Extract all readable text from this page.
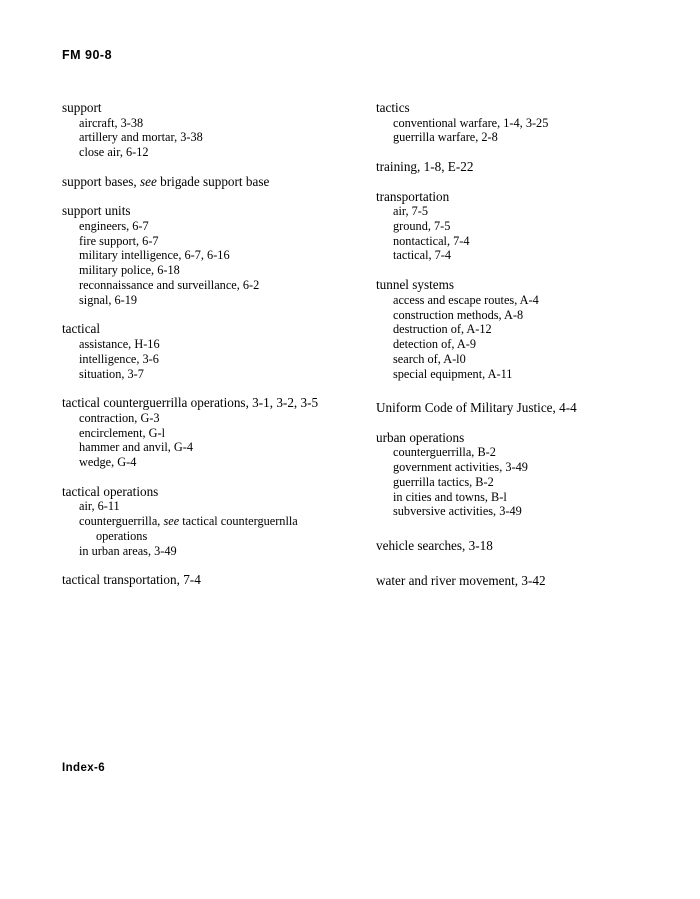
FM 90-8
support
aircraft, 3-38
artillery and mortar, 3-38
close air, 6-12
support bases, see brigade support base
support units
engineers, 6-7
fire support, 6-7
military intelligence, 6-7, 6-16
military police, 6-18
reconnaissance and surveillance, 6-2
signal, 6-19
tactical
assistance, H-16
intelligence, 3-6
situation, 3-7
tactical counterguerrilla operations, 3-1, 3-2, 3-5
contraction, G-3
encirclement, G-l
hammer and anvil, G-4
wedge, G-4
tactical operations
air, 6-11
counterguerrilla, see tactical counterguernlla
operations
in urban areas, 3-49
tactical transportation, 7-4
tactics
conventional warfare, 1-4, 3-25
guerrilla warfare, 2-8
training, 1-8, E-22
transportation
air, 7-5
ground, 7-5
nontactical, 7-4
tactical, 7-4
tunnel systems
access and escape routes, A-4
construction methods, A-8
destruction of, A-12
detection of, A-9
search of, A-l0
special equipment, A-11
Uniform Code of Military Justice, 4-4
urban operations
counterguerrilla, B-2
government activities, 3-49
guerrilla tactics, B-2
in cities and towns, B-l
subversive activities, 3-49
vehicle searches, 3-18
water and river movement, 3-42
Index-6
